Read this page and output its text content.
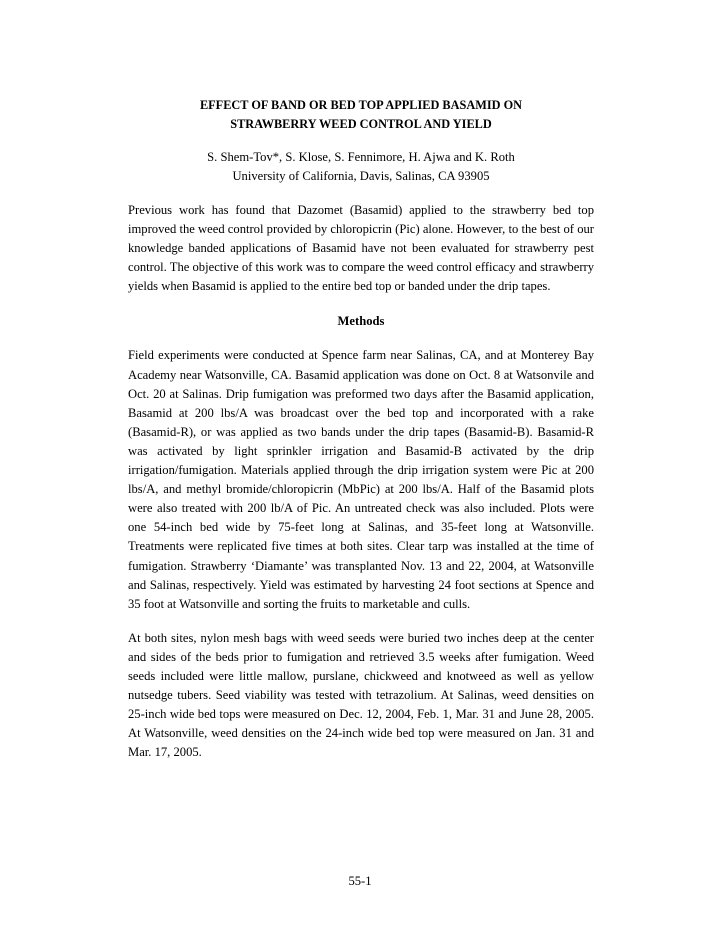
EFFECT OF BAND OR BED TOP APPLIED BASAMID ON
STRAWBERRY WEED CONTROL AND YIELD
S. Shem-Tov*, S. Klose, S. Fennimore, H. Ajwa and K. Roth
University of California, Davis, Salinas, CA 93905

Previous work has found that Dazomet (Basamid) applied to the strawberry bed top improved the weed control provided by chloropicrin (Pic) alone. However, to the best of our knowledge banded applications of Basamid have not been evaluated for strawberry pest control. The objective of this work was to compare the weed control efficacy and strawberry yields when Basamid is applied to the entire bed top or banded under the drip tapes.

Methods

Field experiments were conducted at Spence farm near Salinas, CA, and at Monterey Bay Academy near Watsonville, CA. Basamid application was done on Oct. 8 at Watsonvile and Oct. 20 at Salinas. Drip fumigation was preformed two days after the Basamid application, Basamid at 200 lbs/A was broadcast over the bed top and incorporated with a rake (Basamid-R), or was applied as two bands under the drip tapes (Basamid-B). Basamid-R was activated by light sprinkler irrigation and Basamid-B activated by the drip irrigation/fumigation. Materials applied through the drip irrigation system were Pic at 200 lbs/A, and methyl bromide/chloropicrin (MbPic) at 200 lbs/A. Half of the Basamid plots were also treated with 200 lb/A of Pic. An untreated check was also included. Plots were one 54-inch bed wide by 75-feet long at Salinas, and 35-feet long at Watsonville. Treatments were replicated five times at both sites. Clear tarp was installed at the time of fumigation. Strawberry ‘Diamante’ was transplanted Nov. 13 and 22, 2004, at Watsonville and Salinas, respectively. Yield was estimated by harvesting 24 foot sections at Spence and 35 foot at Watsonville and sorting the fruits to marketable and culls.

At both sites, nylon mesh bags with weed seeds were buried two inches deep at the center and sides of the beds prior to fumigation and retrieved 3.5 weeks after fumigation. Weed seeds included were little mallow, purslane, chickweed and knotweed as well as yellow nutsedge tubers. Seed viability was tested with tetrazolium. At Salinas, weed densities on 25-inch wide bed tops were measured on Dec. 12, 2004, Feb. 1, Mar. 31 and June 28, 2005. At Watsonville, weed densities on the 24-inch wide bed top were measured on Jan. 31 and Mar. 17, 2005.

55-1
